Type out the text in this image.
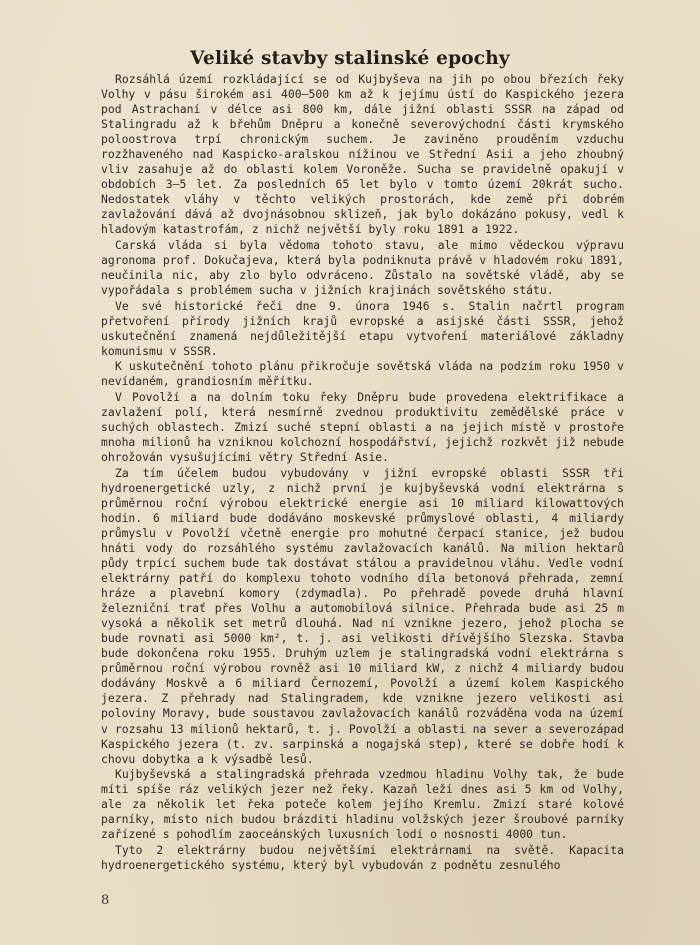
Veliké stavby stalinské epochy

Rozsáhlá území rozkládající se od Kujbyševa na jih po obou březích řeky Volhy v pásu širokém asi 400—500 km až k jejímu ústí do Kaspického jezera pod Astrachaní v délce asi 800 km, dále jižní oblasti SSSR na západ od Stalingradu až k břehům Dněpru a konečně severovýchodní části krymského poloostrova trpí chronickým suchem. Je zaviněno prouděním vzduchu rozžhaveného nad Kaspicko-aralskou nížinou ve Střední Asii a jeho zhoubný vliv zasahuje až do oblasti kolem Voroněže. Sucha se pravidelně opakují v obdobích 3—5 let. Za posledních 65 let bylo v tomto území 20krát sucho. Nedostatek vláhy v těchto velikých prostorách, kde země při dobrém zavlažování dává až dvojnásobnou sklizeň, jak bylo dokázáno pokusy, vedl k hladovým katastrofám, z nichž největší byly roku 1891 a 1922.

Carská vláda si byla vědoma tohoto stavu, ale mimo vědeckou výpravu agronoma prof. Dokučajeva, která byla podniknuta právě v hladovém roku 1891, neučinila nic, aby zlo bylo odvráceno. Zůstalo na sovětské vládě, aby se vypořádala s problémem sucha v jižních krajinách sovětského státu.

Ve své historické řeči dne 9. února 1946 s. Stalin načrtl program přetvoření přírody jižních krajů evropské a asijské části SSSR, jehož uskutečnění znamená nejdůležitější etapu vytvoření materiálové základny komunismu v SSSR.

K uskutečnění tohoto plánu přikročuje sovětská vláda na podzim roku 1950 v nevídaném, grandiosním měřítku.

V Povolží a na dolním toku řeky Dněpru bude provedena elektrifikace a zavlažení polí, která nesmírně zvednou produktivitu zemědělské práce v suchých oblastech. Zmizí suché stepní oblasti a na jejich místě v prostoře mnoha milionů ha vzniknou kolchozní hospodářství, jejichž rozkvět již nebude ohrožován vysušujícími větry Střední Asie.

Za tím účelem budou vybudovány v jižní evropské oblasti SSSR tři hydroenergetické uzly, z nichž první je kujbyševská vodní elektrárna s průměrnou roční výrobou elektrické energie asi 10 miliard kilowattových hodin. 6 miliard bude dodáváno moskevské průmyslové oblasti, 4 miliardy průmyslu v Povolží včetně energie pro mohutné čerpací stanice, jež budou hnáti vody do rozsáhlého systému zavlažovacích kanálů. Na milion hektarů půdy trpící suchem bude tak dostávat stálou a pravidelnou vláhu. Vedle vodní elektrárny patří do komplexu tohoto vodního díla betonová přehrada, zemní hráze a plavební komory (zdymadla). Po přehradě povede druhá hlavní železniční trať přes Volhu a automobilová silnice. Přehrada bude asi 25 m vysoká a několik set metrů dlouhá. Nad ní vznikne jezero, jehož plocha se bude rovnati asi 5000 km², t. j. asi velikosti dřívějšího Slezska. Stavba bude dokončena roku 1955. Druhým uzlem je stalingradská vodní elektrárna s průměrnou roční výrobou rovněž asi 10 miliard kW, z nichž 4 miliardy budou dodávány Moskvě a 6 miliard Černozemí, Povolží a území kolem Kaspického jezera. Z přehrady nad Stalingradem, kde vznikne jezero velikosti asi poloviny Moravy, bude soustavou zavlažovacích kanálů rozváděna voda na území v rozsahu 13 milionů hektarů, t. j. Povolží a oblasti na sever a severozápad Kaspického jezera (t. zv. sarpinská a nogajská step), které se dobře hodí k chovu dobytka a k výsadbě lesů.

Kujbyševská a stalingradská přehrada vzedmou hladinu Volhy tak, že bude míti spíše ráz velikých jezer než řeky. Kazaň leží dnes asi 5 km od Volhy, ale za několik let řeka poteče kolem jejího Kremlu. Zmizí staré kolové parníky, místo nich budou brázditi hladinu volžských jezer šroubové parníky zařízené s pohodlím zaoceánských luxusních lodí o nosnosti 4000 tun.

Tyto 2 elektrárny budou největšími elektrárnami na světě. Kapacita hydroenergetického systému, který byl vybudován z podnětu zesnulého

8
